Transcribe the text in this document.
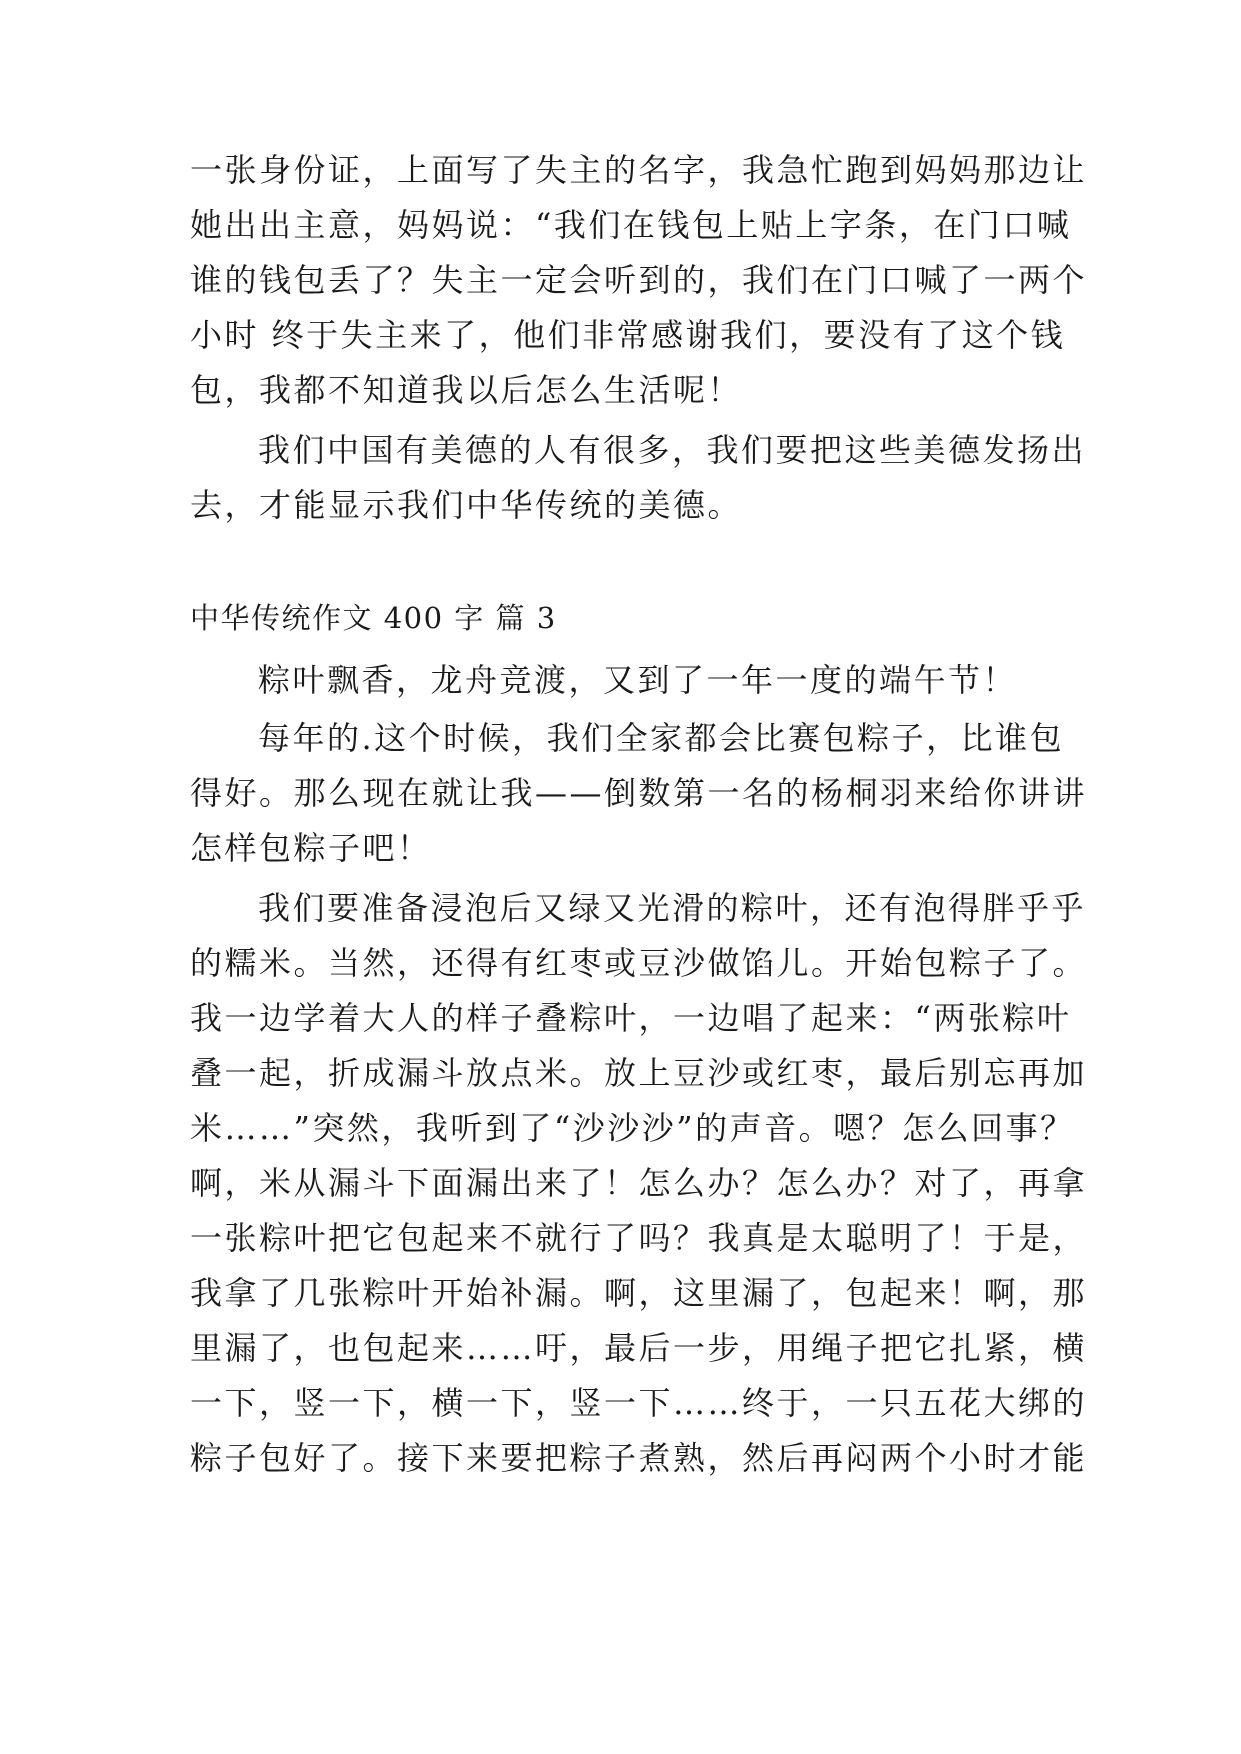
一张身份证，上面写了失主的名字，我急忙跑到妈妈那边让

她出出主意，妈妈说：“我们在钱包上贴上字条，在门口喊

谁的钱包丢了？失主一定会听到的，我们在门口喊了一两个

小时 终于失主来了，他们非常感谢我们，要没有了这个钱

包，我都不知道我以后怎么生活呢！

我们中国有美德的人有很多，我们要把这些美德发扬出

去，才能显示我们中华传统的美德。

中华传统作文 400 字 篇 3

粽叶飘香，龙舟竞渡，又到了一年一度的端午节！

每年的.这个时候，我们全家都会比赛包粽子，比谁包

得好。那么现在就让我——倒数第一名的杨桐羽来给你讲讲

怎样包粽子吧！

我们要准备浸泡后又绿又光滑的粽叶，还有泡得胖乎乎

的糯米。当然，还得有红枣或豆沙做馅儿。开始包粽子了。

我一边学着大人的样子叠粽叶，一边唱了起来：“两张粽叶

叠一起，折成漏斗放点米。放上豆沙或红枣，最后别忘再加

米……”突然，我听到了“沙沙沙”的声音。嗯？怎么回事？

啊，米从漏斗下面漏出来了！怎么办？怎么办？对了，再拿

一张粽叶把它包起来不就行了吗？我真是太聪明了！于是，

我拿了几张粽叶开始补漏。啊，这里漏了，包起来！啊，那

里漏了，也包起来……吁，最后一步，用绳子把它扎紧，横

一下，竖一下，横一下，竖一下……终于，一只五花大绑的

粽子包好了。接下来要把粽子煮熟，然后再闷两个小时才能
